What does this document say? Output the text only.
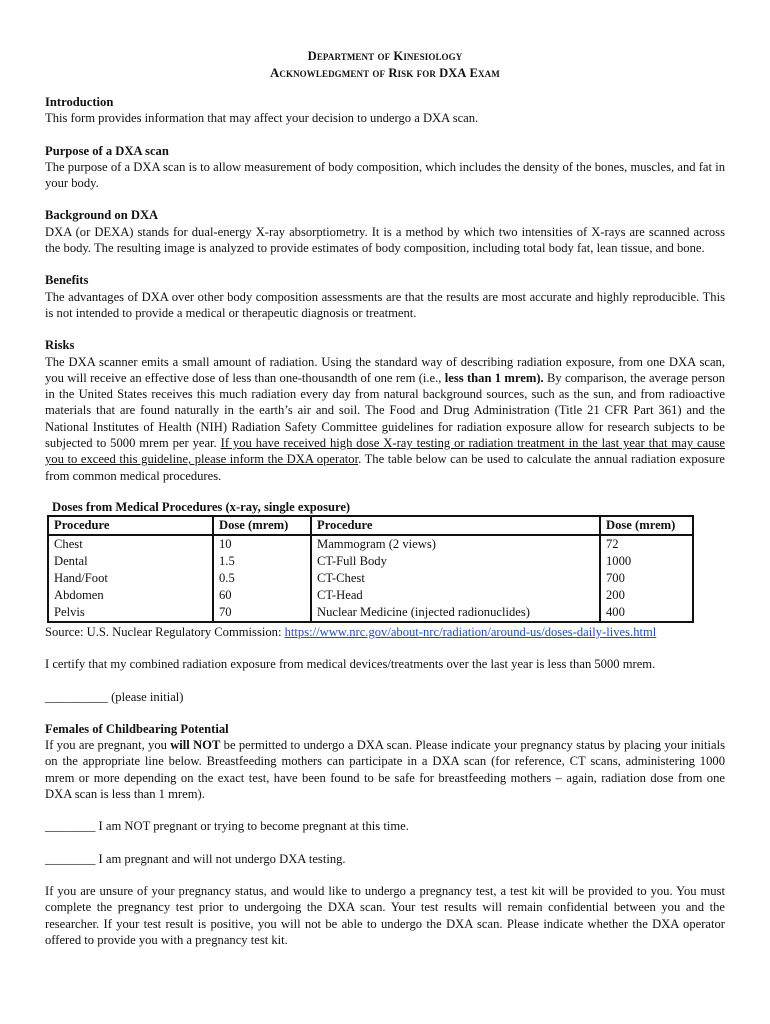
Department of Kinesiology
Acknowledgment of Risk for DXA Exam
Introduction

This form provides information that may affect your decision to undergo a DXA scan.

Purpose of a DXA scan

The purpose of a DXA scan is to allow measurement of body composition, which includes the density of the bones, muscles, and fat in your body.

Background on DXA

DXA (or DEXA) stands for dual-energy X-ray absorptiometry. It is a method by which two intensities of X-rays are scanned across the body. The resulting image is analyzed to provide estimates of body composition, including total body fat, lean tissue, and bone.

Benefits

The advantages of DXA over other body composition assessments are that the results are most accurate and highly reproducible. This is not intended to provide a medical or therapeutic diagnosis or treatment.

Risks

The DXA scanner emits a small amount of radiation. Using the standard way of describing radiation exposure, from one DXA scan, you will receive an effective dose of less than one-thousandth of one rem (i.e., less than 1 mrem). By comparison, the average person in the United States receives this much radiation every day from natural background sources, such as the sun, and from radioactive materials that are found naturally in the earth’s air and soil. The Food and Drug Administration (Title 21 CFR Part 361) and the National Institutes of Health (NIH) Radiation Safety Committee guidelines for radiation exposure allow for research subjects to be subjected to 5000 mrem per year. If you have received high dose X-ray testing or radiation treatment in the last year that may cause you to exceed this guideline, please inform the DXA operator. The table below can be used to calculate the annual radiation exposure from common medical procedures.

Doses from Medical Procedures (x-ray, single exposure)
Procedure	Dose (mrem)	Procedure	Dose (mrem)
Chest	10	Mammogram (2 views)	72
Dental	1.5	CT-Full Body	1000
Hand/Foot	0.5	CT-Chest	700
Abdomen	60	CT-Head	200
Pelvis	70	Nuclear Medicine (injected radionuclides)	400

Source: U.S. Nuclear Regulatory Commission: https://www.nrc.gov/about-nrc/radiation/around-us/doses-daily-lives.html

I certify that my combined radiation exposure from medical devices/treatments over the last year is less than 5000 mrem.

__________ (please initial)

Females of Childbearing Potential

If you are pregnant, you will NOT be permitted to undergo a DXA scan. Please indicate your pregnancy status by placing your initials on the appropriate line below. Breastfeeding mothers can participate in a DXA scan (for reference, CT scans, administering 1000 mrem or more depending on the exact test, have been found to be safe for breastfeeding mothers – again, radiation dose from one DXA scan is less than 1 mrem).

________ I am NOT pregnant or trying to become pregnant at this time.

________ I am pregnant and will not undergo DXA testing.

If you are unsure of your pregnancy status, and would like to undergo a pregnancy test, a test kit will be provided to you. You must complete the pregnancy test prior to undergoing the DXA scan. Your test results will remain confidential between you and the researcher. If your test result is positive, you will not be able to undergo the DXA scan. Please indicate whether the DXA operator offered to provide you with a pregnancy test kit.
